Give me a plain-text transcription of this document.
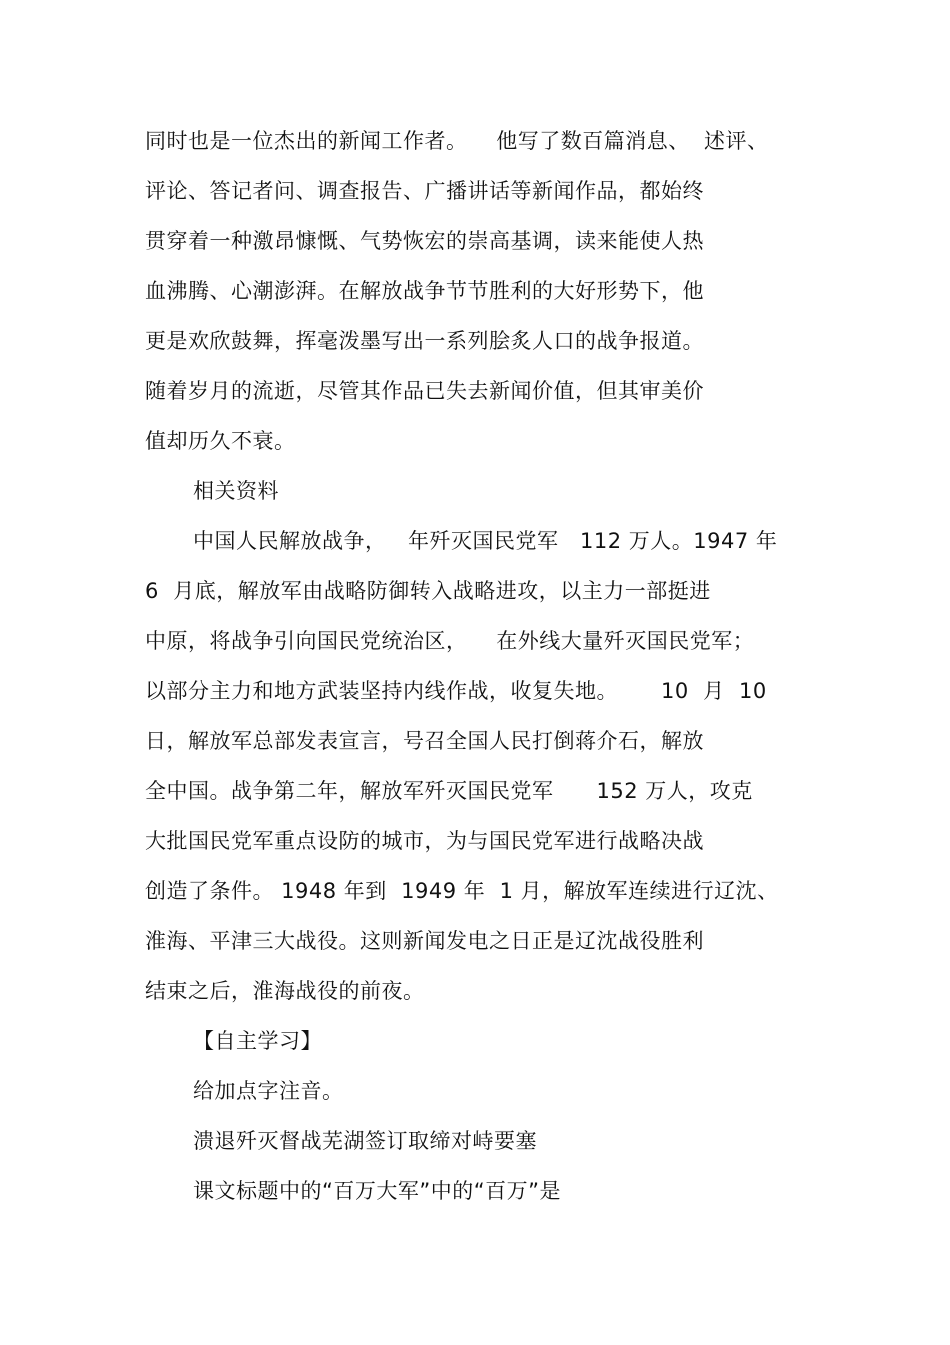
同时也是一位杰出的新闻工作者。    他写了数百篇消息、  述评、
评论、答记者问、调查报告、广播讲话等新闻作品，都始终
贯穿着一种激昂慷慨、气势恢宏的崇高基调，读来能使人热
血沸腾、心潮澎湃。在解放战争节节胜利的大好形势下，他
更是欢欣鼓舞，挥毫泼墨写出一系列脍炙人口的战争报道。
随着岁月的流逝，尽管其作品已失去新闻价值，但其审美价
值却历久不衰。
相关资料
中国人民解放战争，   年歼灭国民党军   112 万人。1947 年
6  月底，解放军由战略防御转入战略进攻，以主力一部挺进
中原，将战争引向国民党统治区，    在外线大量歼灭国民党军；
以部分主力和地方武装坚持内线作战，收复失地。      10  月  10
日，解放军总部发表宣言，号召全国人民打倒蒋介石，解放
全中国。战争第二年，解放军歼灭国民党军      152 万人，攻克
大批国民党军重点设防的城市，为与国民党军进行战略决战
创造了条件。 1948 年到  1949 年  1 月，解放军连续进行辽沈、
淮海、平津三大战役。这则新闻发电之日正是辽沈战役胜利
结束之后，淮海战役的前夜。
【自主学习】
给加点字注音。
溃退歼灭督战芜湖签订取缔对峙要塞
课文标题中的“百万大军”中的“百万”是
